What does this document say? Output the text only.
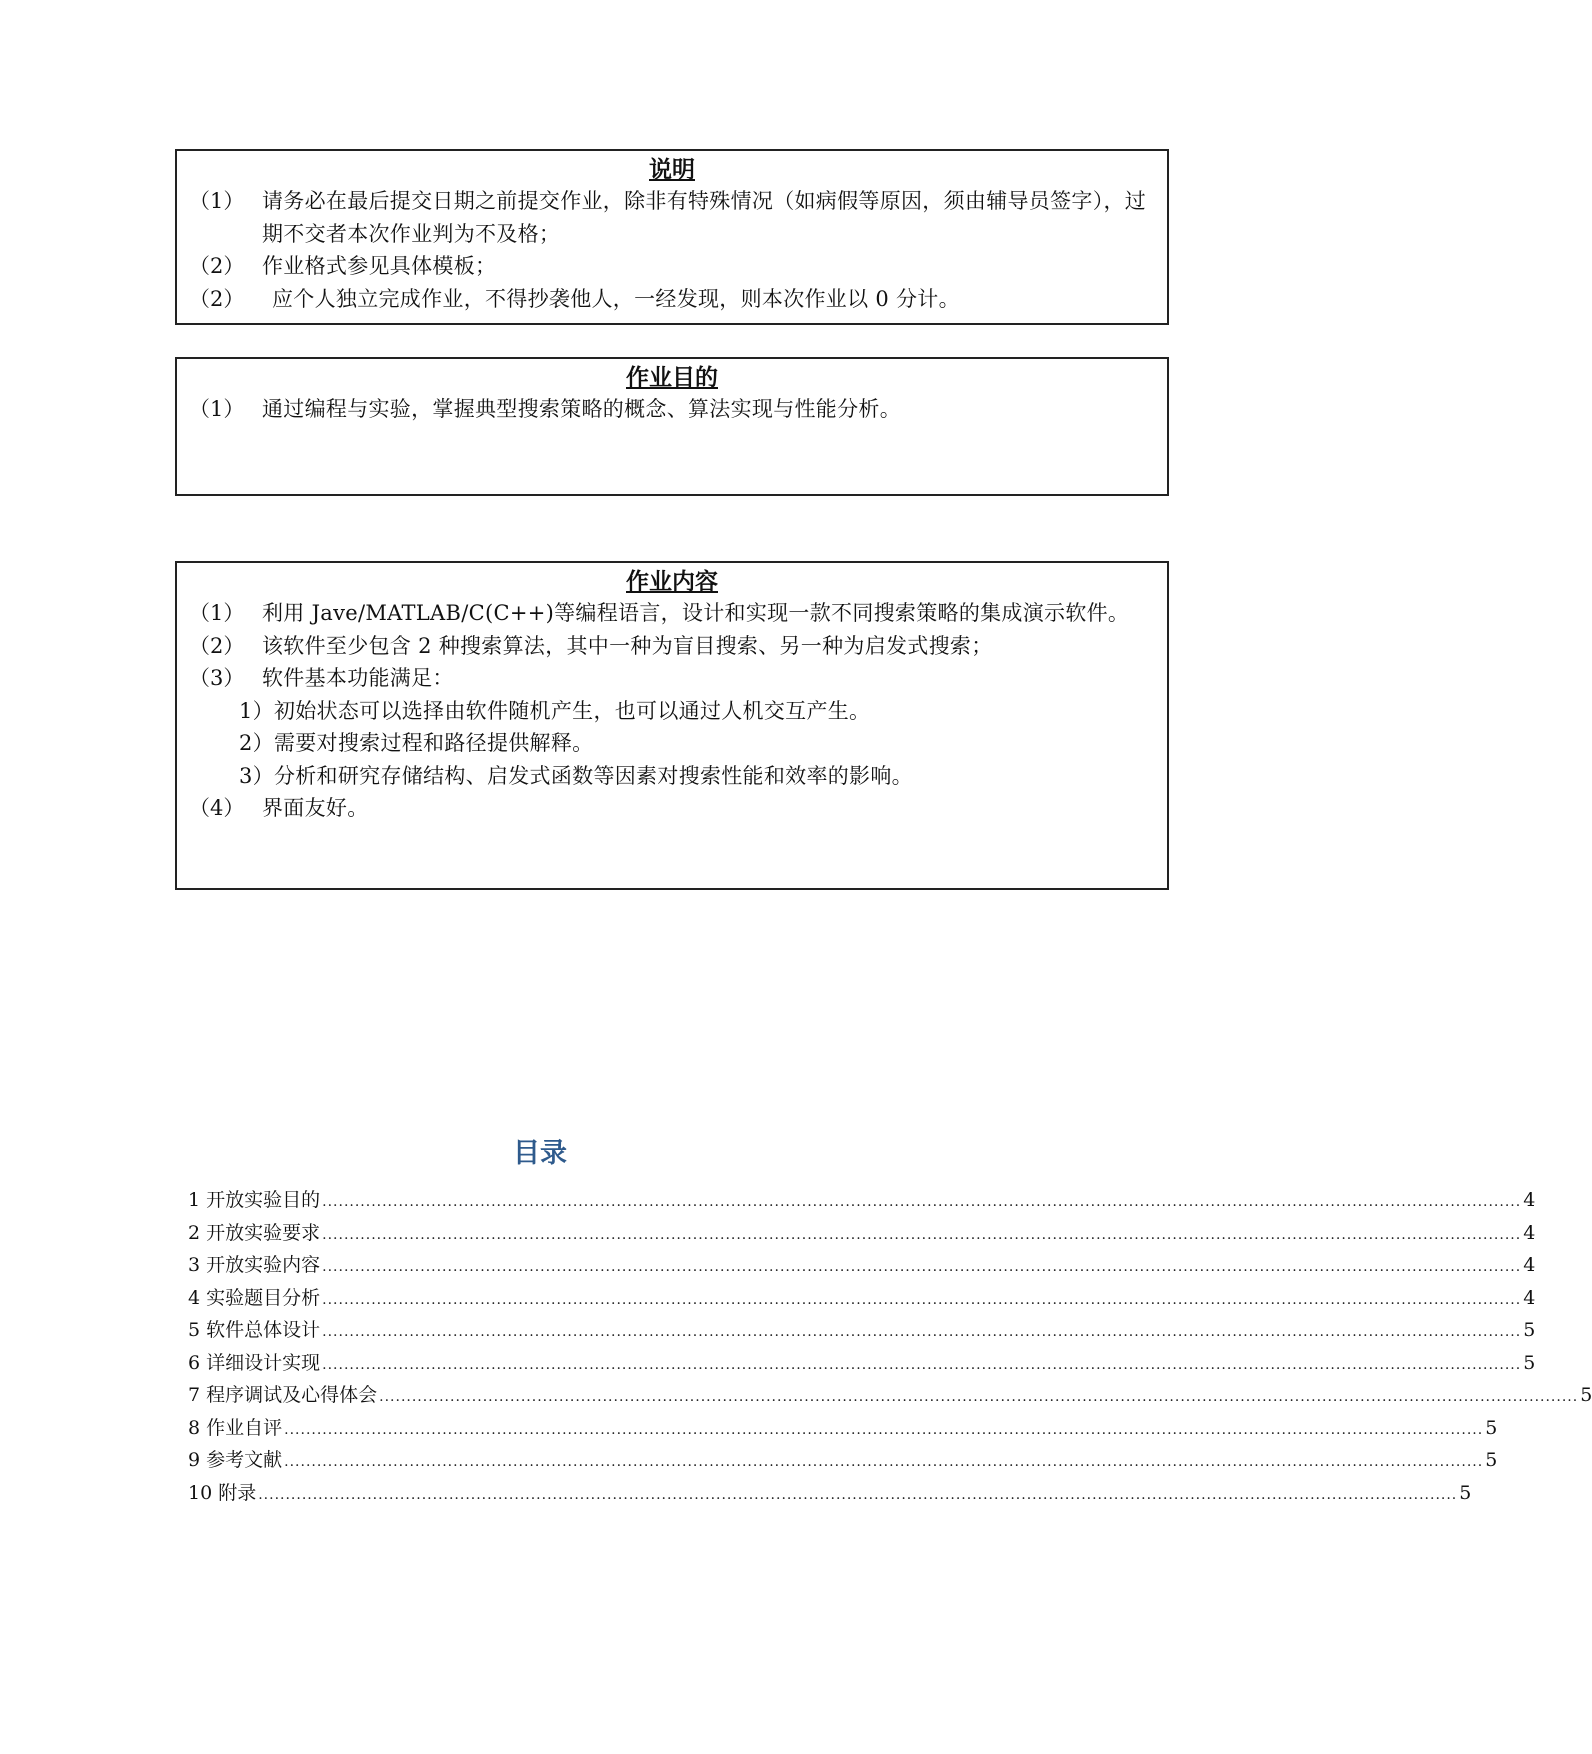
说明
（1） 请务必在最后提交日期之前提交作业，除非有特殊情况（如病假等原因，须由辅导员签字），过期不交者本次作业判为不及格；
（2） 作业格式参见具体模板；
（2）	应个人独立完成作业，不得抄袭他人，一经发现，则本次作业以 0 分计。
作业目的
（1） 通过编程与实验，掌握典型搜索策略的概念、算法实现与性能分析。
作业内容
（1） 利用 Jave/MATLAB/C(C++)等编程语言，设计和实现一款不同搜索策略的集成演示软件。
（2） 该软件至少包含 2 种搜索算法，其中一种为盲目搜索、另一种为启发式搜索；
（3） 软件基本功能满足：
1）初始状态可以选择由软件随机产生，也可以通过人机交互产生。
2）需要对搜索过程和路径提供解释。
3）分析和研究存储结构、启发式函数等因素对搜索性能和效率的影响。
（4） 界面友好。
目录
1 开放实验目的 ............................................................................................................................................................................................................................ 4
2 开放实验要求 ............................................................................................................................................................................................................................ 4
3 开放实验内容 ............................................................................................................................................................................................................................ 4
4 实验题目分析 ............................................................................................................................................................................................................................ 4
5 软件总体设计 ............................................................................................................................................................................................................................ 5
6 详细设计实现 ............................................................................................................................................................................................................................ 5
7 程序调试及心得体会 ............................................................................................................................................................................................................................ 5
8 作业自评 ............................................................................................................................................................................................................................ 5
9 参考文献 ............................................................................................................................................................................................................................ 5
10 附录 ............................................................................................................................................................................................................................ 5
